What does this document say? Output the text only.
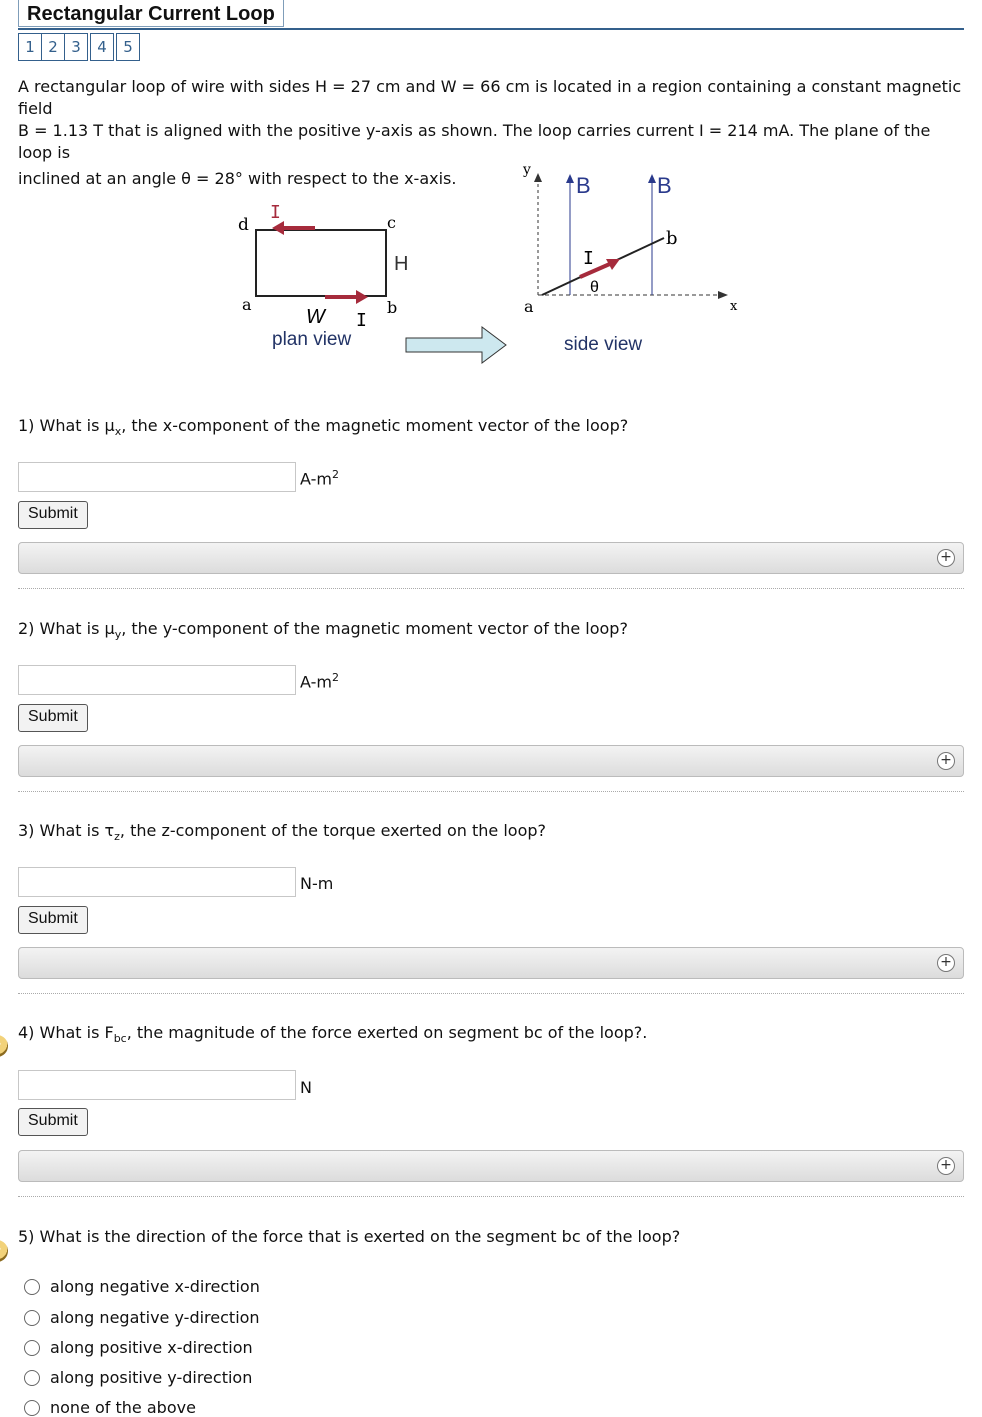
Rectangular Current Loop
1 2 3	4	5
A rectangular loop of wire with sides H = 27 cm and W = 66 cm is located in a region containing a constant magnetic field
B = 1.13 T that is aligned with the positive y-axis as shown. The loop carries current I = 214 mA. The plane of the loop is
inclined at an angle θ = 28° with respect to the x-axis.
d	c
a	b
I
I
H
W
plan view
y
x
B	B
b
I
θ
a
side view
1) What is $\mu_x$, the x-component of the magnetic moment vector of the loop?
$A-m^2$
Submit
+
2) What is $\mu_y$, the y-component of the magnetic moment vector of the loop?
$A-m^2$
Submit
+
3) What is $\tau_z$, the z-component of the torque exerted on the loop?
N-m
Submit
+
4) What is $F_{bc}$, the magnitude of the force exerted on segment bc of the loop?.
N
Submit
+
5) What is the direction of the force that is exerted on the segment bc of the loop?
along negative x-direction
along negative y-direction
along positive x-direction
along positive y-direction
none of the above
